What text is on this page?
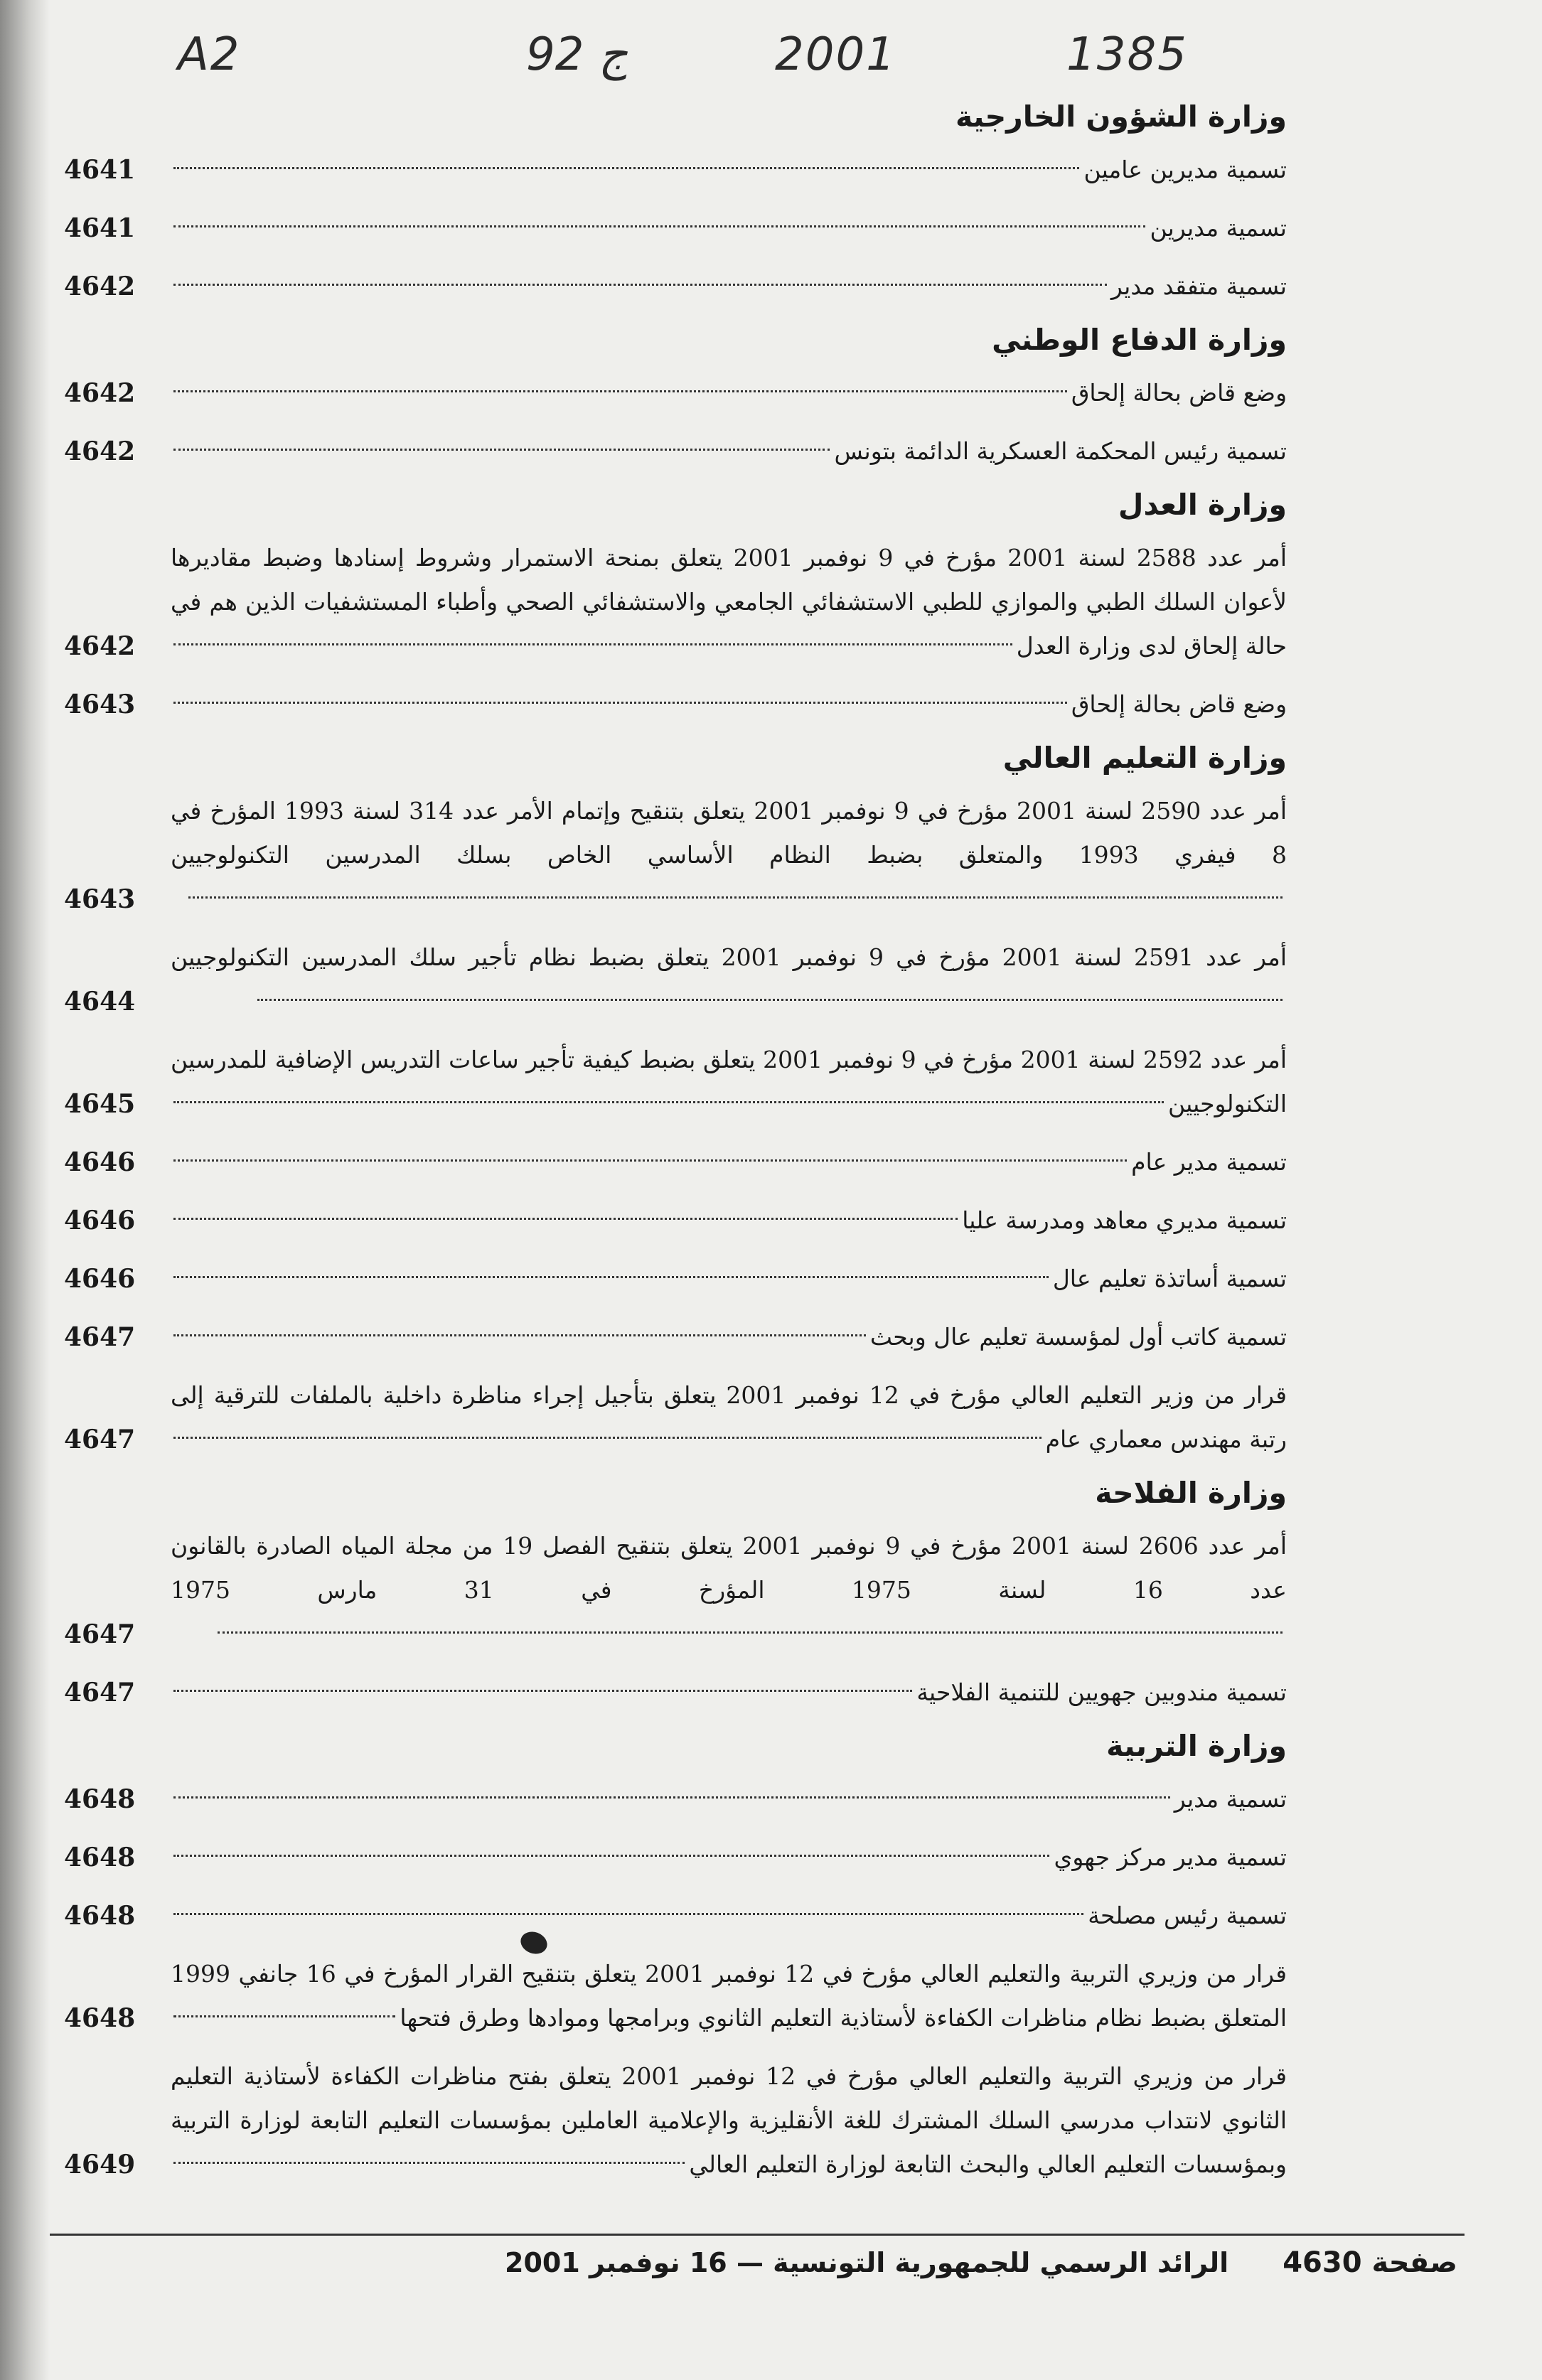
A2	92 ج	2001	1385
وزارة الشؤون الخارجية
تسمية مديرين عامين
4641
تسمية مديرين
4641
تسمية متفقد مدير
4642
وزارة الدفاع الوطني
وضع قاض بحالة إلحاق
4642
تسمية رئيس المحكمة العسكرية الدائمة بتونس
4642
وزارة العدل
أمر عدد 2588 لسنة 2001 مؤرخ في 9 نوفمبر 2001 يتعلق بمنحة الاستمرار وشروط إسنادها وضبط مقاديرها لأعوان السلك الطبي والموازي للطبي الاستشفائي الجامعي والاستشفائي الصحي وأطباء المستشفيات الذين هم في حالة إلحاق لدى وزارة العدل
4642
وضع قاض بحالة إلحاق
4643
وزارة التعليم العالي
أمر عدد 2590 لسنة 2001 مؤرخ في 9 نوفمبر 2001 يتعلق بتنقيح وإتمام الأمر عدد 314 لسنة 1993 المؤرخ في 8 فيفري 1993 والمتعلق بضبط النظام الأساسي الخاص بسلك المدرسين التكنولوجيين
4643
أمر عدد 2591 لسنة 2001 مؤرخ في 9 نوفمبر 2001 يتعلق بضبط نظام تأجير سلك المدرسين التكنولوجيين
4644
أمر عدد 2592 لسنة 2001 مؤرخ في 9 نوفمبر 2001 يتعلق بضبط كيفية تأجير ساعات التدريس الإضافية للمدرسين التكنولوجيين
4645
تسمية مدير عام
4646
تسمية مديري معاهد ومدرسة عليا
4646
تسمية أساتذة تعليم عال
4646
تسمية كاتب أول لمؤسسة تعليم عال وبحث
4647
قرار من وزير التعليم العالي مؤرخ في 12 نوفمبر 2001 يتعلق بتأجيل إجراء مناظرة داخلية بالملفات للترقية إلى رتبة مهندس معماري عام
4647
وزارة الفلاحة
أمر عدد 2606 لسنة 2001 مؤرخ في 9 نوفمبر 2001 يتعلق بتنقيح الفصل 19 من مجلة المياه الصادرة بالقانون عدد 16 لسنة 1975 المؤرخ في 31 مارس 1975
4647
تسمية مندوبين جهويين للتنمية الفلاحية
4647
وزارة التربية
تسمية مدير
4648
تسمية مدير مركز جهوي
4648
تسمية رئيس مصلحة
4648
قرار من وزيري التربية والتعليم العالي مؤرخ في 12 نوفمبر 2001 يتعلق بتنقيح القرار المؤرخ في 16 جانفي 1999 المتعلق بضبط نظام مناظرات الكفاءة لأستاذية التعليم الثانوي وبرامجها وموادها وطرق فتحها
4648
قرار من وزيري التربية والتعليم العالي مؤرخ في 12 نوفمبر 2001 يتعلق بفتح مناظرات الكفاءة لأستاذية التعليم الثانوي لانتداب مدرسي السلك المشترك للغة الأنقليزية والإعلامية العاملين بمؤسسات التعليم التابعة لوزارة التربية وبمؤسسات التعليم العالي والبحث التابعة لوزارة التعليم العالي
4649
صفحة 4630
الرائد الرسمي للجمهورية التونسية — 16 نوفمبر 2001
